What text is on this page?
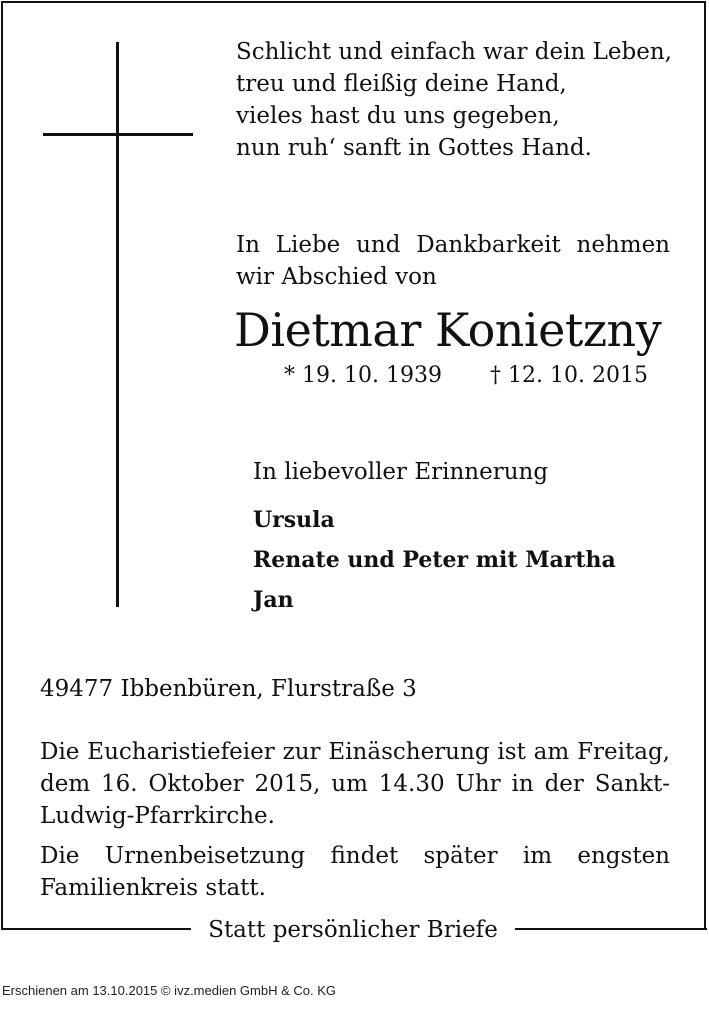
Statt persönlicher Briefe
Schlicht und einfach war dein Leben,
treu und fleißig deine Hand,
vieles hast du uns gegeben,
nun ruh‘ sanft in Gottes Hand.
In Liebe und Dankbarkeit nehmen
wir Abschied von
Dietmar Konietzny
* 19. 10. 1939 † 12. 10. 2015
In liebevoller Erinnerung
Ursula
Renate und Peter mit Martha
Jan
49477 Ibbenbüren, Flurstraße 3
Die Eucharistiefeier zur Einäscherung ist am Freitag,
dem 16. Oktober 2015, um 14.30 Uhr in der Sankt-
Ludwig-Pfarrkirche.
Die Urnenbeisetzung findet später im engsten
Familienkreis statt.
Erschienen am 13.10.2015 © ivz.medien GmbH & Co. KG
